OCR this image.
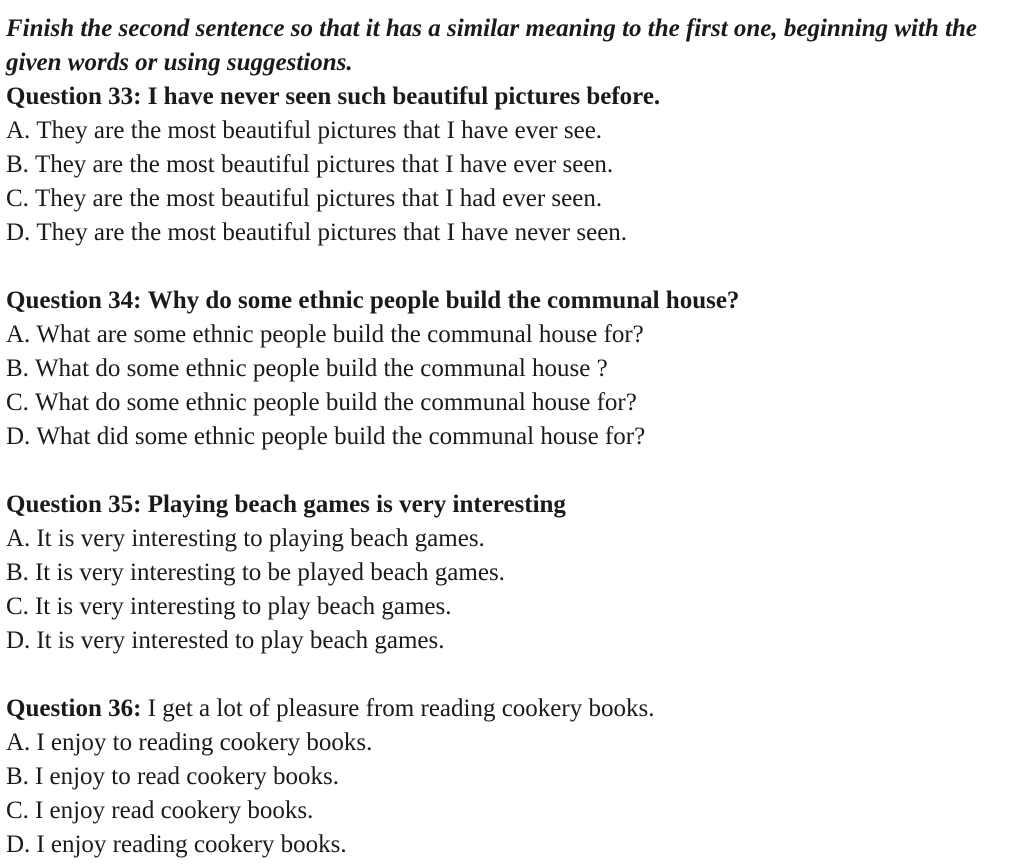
Finish the second sentence so that it has a similar meaning to the first one, beginning with the given words or using suggestions.

Question 33: I have never seen such beautiful pictures before.

A. They are the most beautiful pictures that I have ever see.
B. They are the most beautiful pictures that I have ever seen.
C. They are the most beautiful pictures that I had ever seen.
D. They are the most beautiful pictures that I have never seen.

Question 34: Why do some ethnic people build the communal house?

A. What are some ethnic people build the communal house for?
B. What do some ethnic people build the communal house ?
C. What do some ethnic people build the communal house for?
D. What did some ethnic people build the communal house for?

Question 35: Playing beach games is very interesting

A. It is very interesting to playing beach games.
B. It is very interesting to be played beach games.
C. It is very interesting to play beach games.
D. It is very interested to play beach games.

Question 36: I get a lot of pleasure from reading cookery books.

A. I enjoy to reading cookery books.
B. I enjoy to read cookery books.
C. I enjoy read cookery books.
D. I enjoy reading cookery books.
